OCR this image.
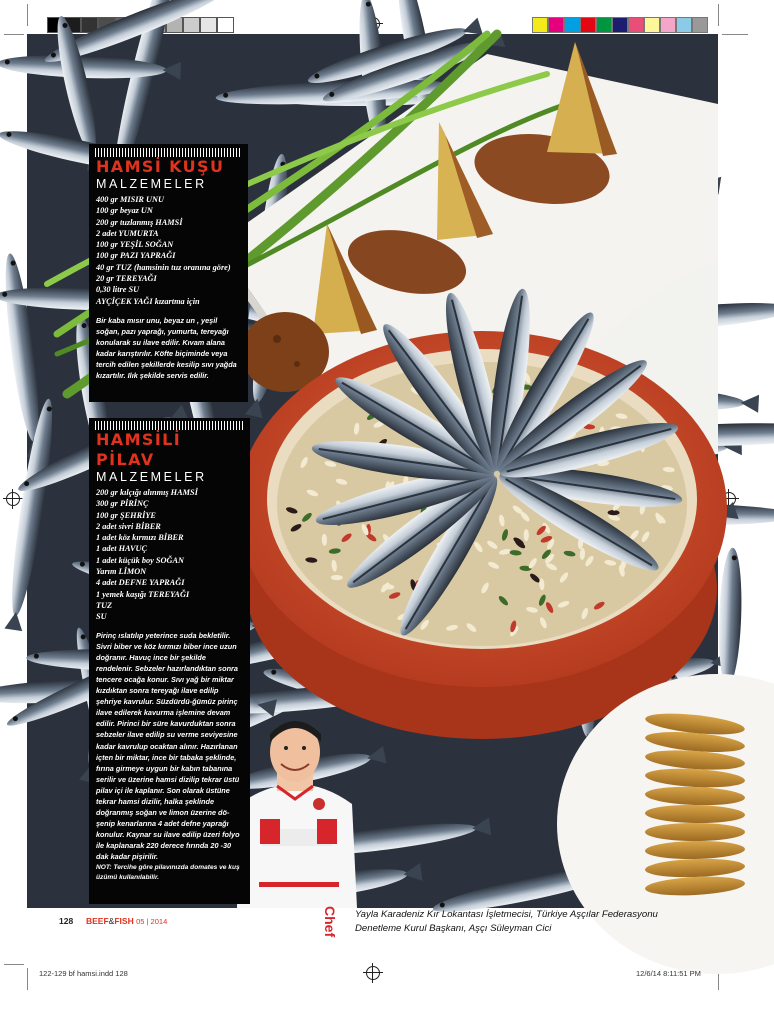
Chef
HAMSİ KUŞU
MALZEMELER
400 gr MISIR UNU
100 gr beyaz UN
200 gr tuzlanmış HAMSİ
2 adet YUMURTA
100 gr YEŞİL SOĞAN
100 gr PAZI YAPRAĞI
40 gr TUZ (hamsinin tuz oranına göre)
20 gr TEREYAĞI
0,30 litre SU
AYÇİÇEK YAĞI kızartma için

Bir kaba mısır unu, beyaz un , yeşil soğan, pazı yaprağı, yumurta, tereyağı konularak su ilave edilir. Kıvam alana kadar karıştırılır. Köfte biçiminde veya tercih edilen şekillerde kesilip sıvı yağda kızartılır. Ilık şekilde servis edilir.

HAMSİLİ PİLAV
MALZEMELER
200 gr kılçığı alınmış HAMSİ
300 gr PİRİNÇ
100 gr ŞEHRİYE
2 adet sivri BİBER
1 adet köz kırmızı BİBER
1 adet HAVUÇ
1 adet küçük boy SOĞAN
Yarım LİMON
4 adet DEFNE YAPRAĞI
1 yemek kaşığı TEREYAĞI
TUZ
SU

Pirinç ıslatılıp yeterince suda bekletilir. Sivri biber ve köz kırmızı biber ince uzun doğranır. Havuç ince bir şekilde rendelenir. Sebzeler hazırlandıktan sonra tencere ocağa konur. Sıvı yağ bir miktar kızdıktan sonra tereyağı ilave edilip şehriye kavrulur. Süzdürdü-ğümüz pirinç ilave edilerek kavurma işlemine devam edilir. Pirinci bir süre kavurduktan sonra sebzeler ilave edilip su verme seviyesine kadar kavrulup ocaktan alınır. Hazırlanan içten bir miktar, ince bir tabaka şeklinde, fırına girmeye uygun bir kabın tabanına serilir ve üzerine hamsi dizilip tekrar üstü pilav içi ile kaplanır. Son olarak üstüne tekrar hamsi dizilir, halka şeklinde doğranmış soğan ve limon üzerine dö-şenip kenarlarına 4 adet defne yaprağı konulur. Kaynar su ilave edilip üzeri folyo ile kaplanarak 220 derece fırında 20 -30 dak kadar pişirilir.

NOT: Tercihe göre pilavınızda domates ve kuş üzümü kullanılabilir.

128 BEEF&FISH 05 | 2014
Yayla Karadeniz Kır Lokantası İşletmecisi, Türkiye Aşçılar Federasyonu
Denetleme Kurul Başkanı, Aşçı Süleyman Cici
122-129 bf hamsi.indd 128	12/6/14 8:11:51 PM
